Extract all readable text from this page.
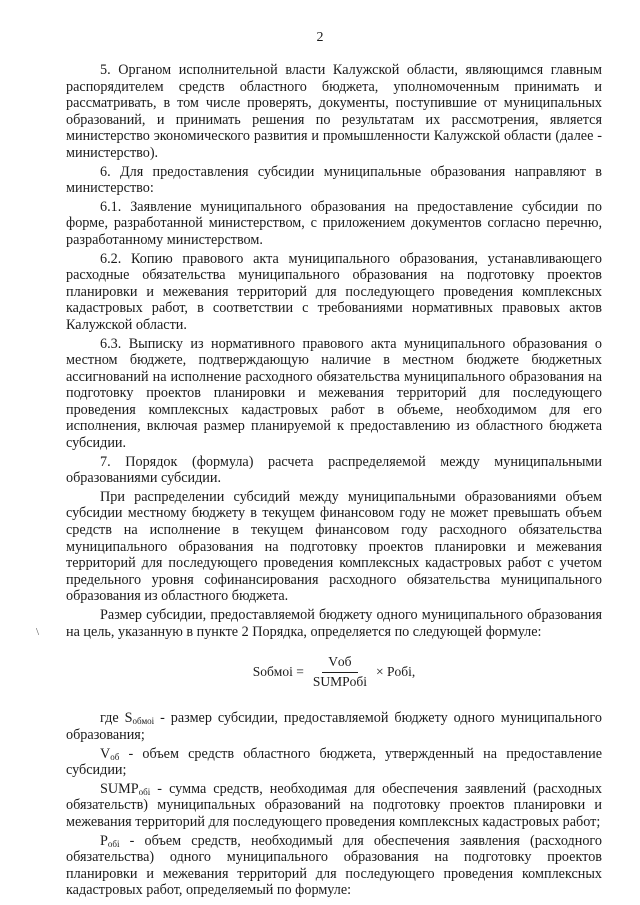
2

5. Органом исполнительной власти Калужской области, являющимся главным распорядителем средств областного бюджета, уполномоченным принимать и рассматривать, в том числе проверять, документы, поступившие от муниципальных образований, и принимать решения по результатам их рассмотрения, является министерство экономического развития и промышленности Калужской области (далее - министерство).

6. Для предоставления субсидии муниципальные образования направляют в министерство:

6.1. Заявление муниципального образования на предоставление субсидии по форме, разработанной министерством, с приложением документов согласно перечню, разработанному министерством.

6.2. Копию правового акта муниципального образования, устанавливающего расходные обязательства муниципального образования на подготовку проектов планировки и межевания территорий для последующего проведения комплексных кадастровых работ, в соответствии с требованиями нормативных правовых актов Калужской области.

6.3. Выписку из нормативного правового акта муниципального образования о местном бюджете, подтверждающую наличие в местном бюджете бюджетных ассигнований на исполнение расходного обязательства муниципального образования на подготовку проектов планировки и межевания территорий для последующего проведения комплексных кадастровых работ в объеме, необходимом для его исполнения, включая размер планируемой к предоставлению из областного бюджета субсидии.

7. Порядок (формула) расчета распределяемой между муниципальными образованиями субсидии.

При распределении субсидий между муниципальными образованиями объем субсидии местному бюджету в текущем финансовом году не может превышать объем средств на исполнение в текущем финансовом году расходного обязательства муниципального образования на подготовку проектов планировки и межевания территорий для последующего проведения комплексных кадастровых работ с учетом предельного уровня софинансирования расходного обязательства муниципального образования из областного бюджета.

Размер субсидии, предоставляемой бюджету одного муниципального образования на цель, указанную в пункте 2 Порядка, определяется по следующей формуле:

Sобмоі = $\frac{\text{Vоб}}{\text{SUMPобі}}$ × Pобі,

где $S_{обмоі}$ - размер субсидии, предоставляемой бюджету одного муниципального образования;

$V_{об}$ - объем средств областного бюджета, утвержденный на предоставление субсидии;

$SUMP_{обі}$ - сумма средств, необходимая для обеспечения заявлений (расходных обязательств) муниципальных образований на подготовку проектов планировки и межевания территорий для последующего проведения комплексных кадастровых работ;

$P_{обі}$ - объем средств, необходимый для обеспечения заявления (расходного обязательства) одного муниципального образования на подготовку проектов планировки и межевания территорий для последующего проведения комплексных кадастровых работ, определяемый по формуле:

\
